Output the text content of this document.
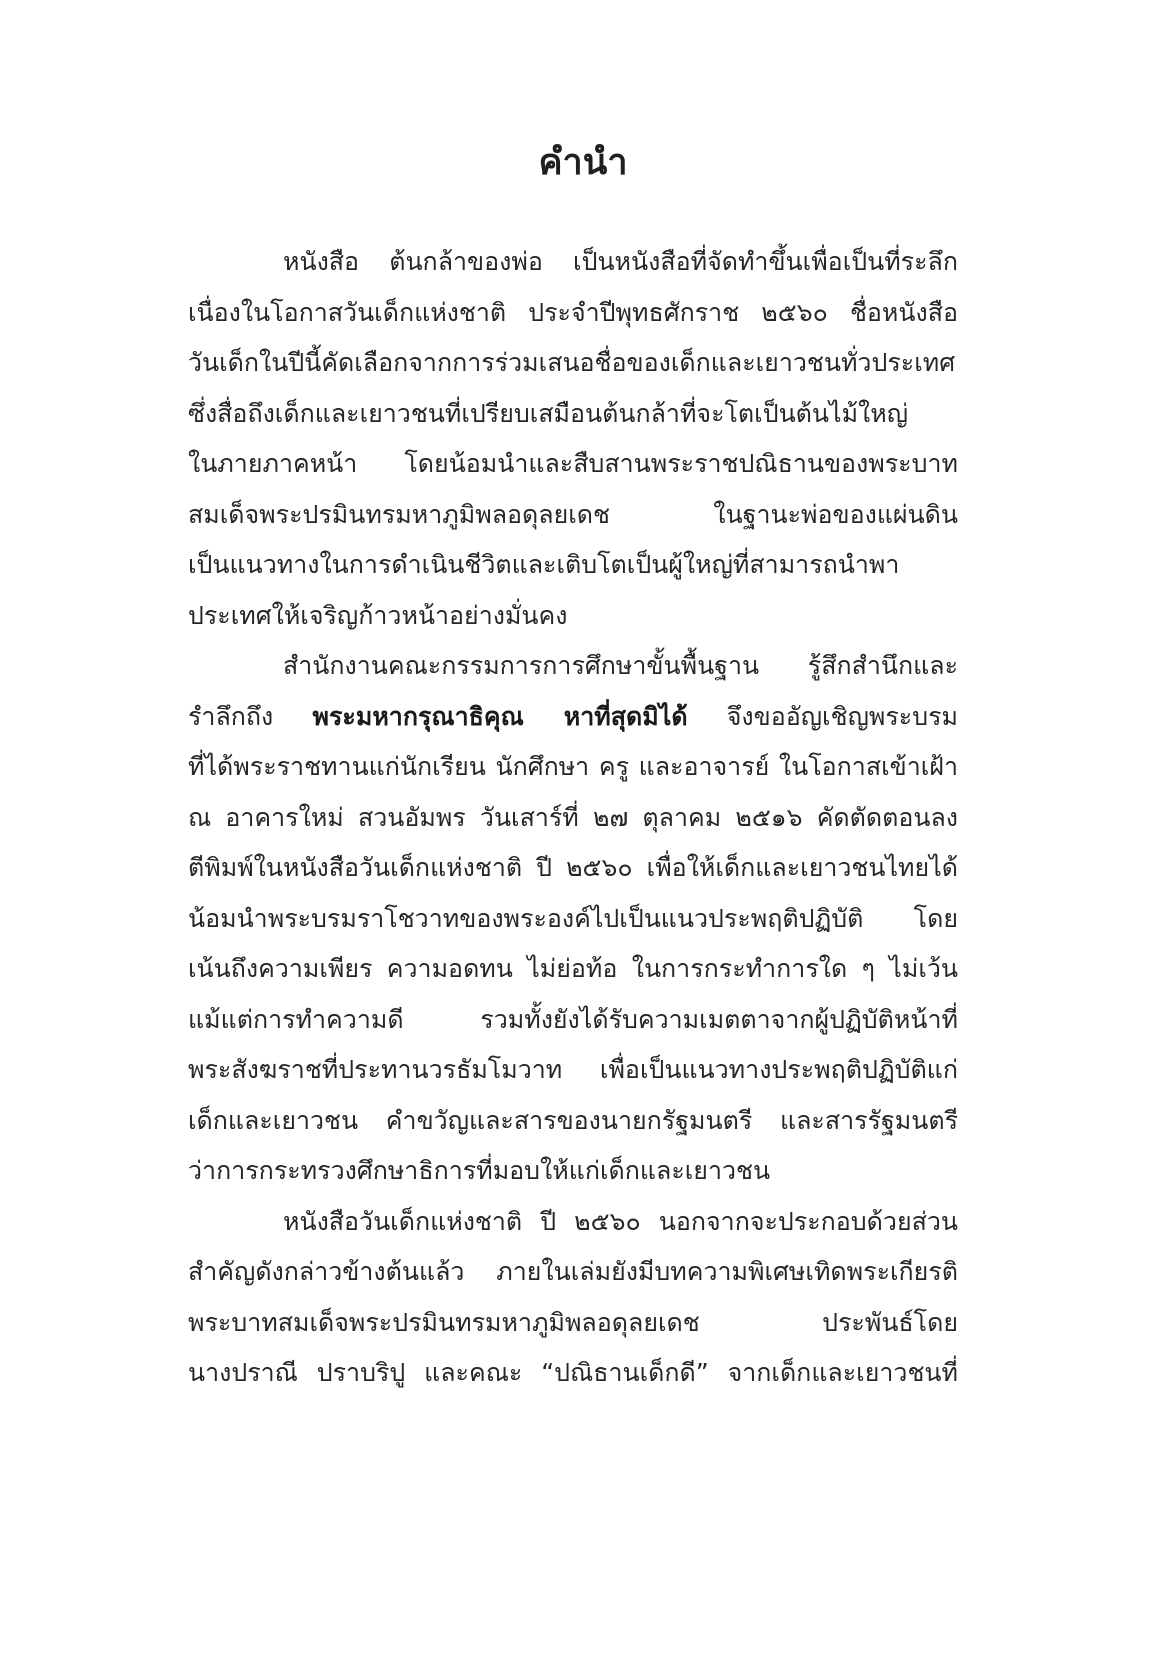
คำนำ
หนังสือ ต้นกล้าของพ่อ เป็นหนังสือที่จัดทำขึ้นเพื่อเป็นที่ระลึก
เนื่องในโอกาสวันเด็กแห่งชาติ ประจำปีพุทธศักราช ๒๕๖๐ ชื่อหนังสือ
วันเด็กในปีนี้คัดเลือกจากการร่วมเสนอชื่อของเด็กและเยาวชนทั่วประเทศ
ซึ่งสื่อถึงเด็กและเยาวชนที่เปรียบเสมือนต้นกล้าที่จะโตเป็นต้นไม้ใหญ่
ในภายภาคหน้า โดยน้อมนำและสืบสานพระราชปณิธานของพระบาท
สมเด็จพระปรมินทรมหาภูมิพลอดุลยเดช ในฐานะพ่อของแผ่นดิน
เป็นแนวทางในการดำเนินชีวิตและเติบโตเป็นผู้ใหญ่ที่สามารถนำพา
ประเทศให้เจริญก้าวหน้าอย่างมั่นคง
สำนักงานคณะกรรมการการศึกษาขั้นพื้นฐาน รู้สึกสำนึกและ
รำลึกถึง พระมหากรุณาธิคุณ หาที่สุดมิได้ จึงขออัญเชิญพระบรม
ที่ได้พระราชทานแก่นักเรียน นักศึกษา ครู และอาจารย์ ในโอกาสเข้าเฝ้า
ณ อาคารใหม่ สวนอัมพร วันเสาร์ที่ ๒๗ ตุลาคม ๒๕๑๖ คัดตัดตอนลง
ตีพิมพ์ในหนังสือวันเด็กแห่งชาติ ปี ๒๕๖๐ เพื่อให้เด็กและเยาวชนไทยได้
น้อมนำพระบรมราโชวาทของพระองค์ไปเป็นแนวประพฤติปฏิบัติ โดย
เน้นถึงความเพียร ความอดทน ไม่ย่อท้อ ในการกระทำการใด ๆ ไม่เว้น
แม้แต่การทำความดี รวมทั้งยังได้รับความเมตตาจากผู้ปฏิบัติหน้าที่
พระสังฆราชที่ประทานวรธัมโมวาท เพื่อเป็นแนวทางประพฤติปฏิบัติแก่
เด็กและเยาวชน คำขวัญและสารของนายกรัฐมนตรี และสารรัฐมนตรี
ว่าการกระทรวงศึกษาธิการที่มอบให้แก่เด็กและเยาวชน
หนังสือวันเด็กแห่งชาติ ปี ๒๕๖๐ นอกจากจะประกอบด้วยส่วน
สำคัญดังกล่าวข้างต้นแล้ว ภายในเล่มยังมีบทความพิเศษเทิดพระเกียรติ
พระบาทสมเด็จพระปรมินทรมหาภูมิพลอดุลยเดช ประพันธ์โดย
นางปราณี ปราบริปู และคณะ “ปณิธานเด็กดี” จากเด็กและเยาวชนที่
